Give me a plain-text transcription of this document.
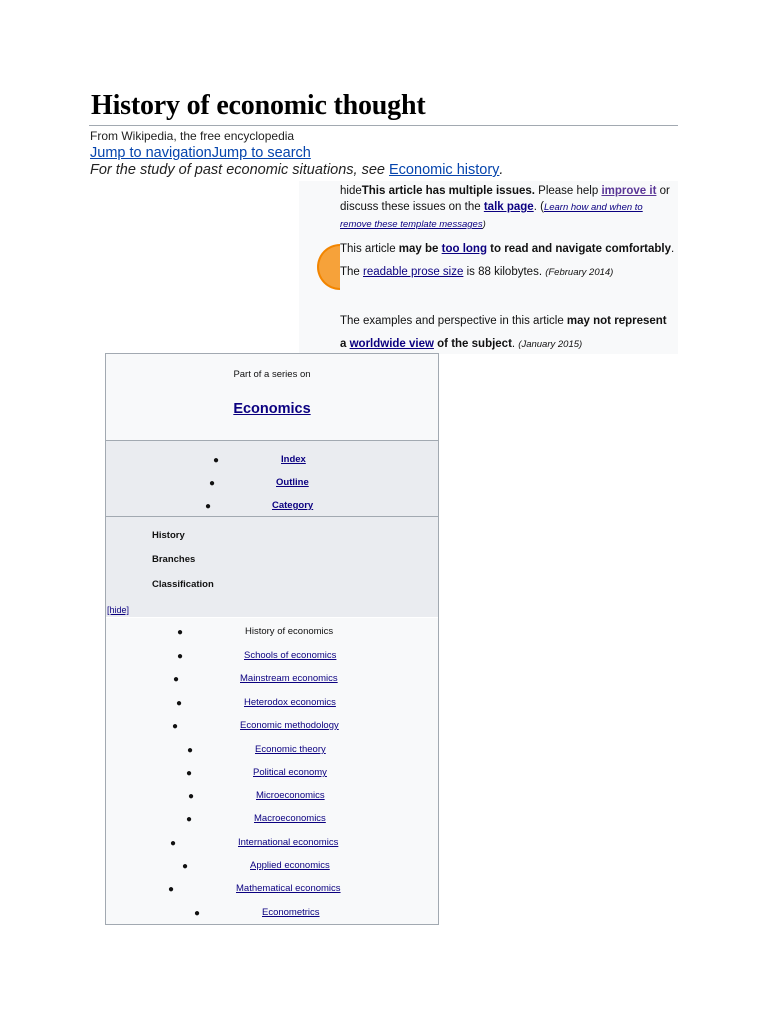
History of economic thought
From Wikipedia, the free encyclopedia
Jump to navigationJump to search
For the study of past economic situations, see Economic history.

hideThis article has multiple issues. Please help improve it or discuss these issues on the talk page. (Learn how and when to remove these template messages)

This article may be too long to read and navigate comfortably. The readable prose size is 88 kilobytes. (February 2014)
The examples and perspective in this article may not represent a worldwide view of the subject. (January 2015)
Part of a series on
Economics
●	Index
●	Outline
●	Category
History
Branches
Classification
[hide]
●	History of economics
●	Schools of economics
●	Mainstream economics
●	Heterodox economics
●	Economic methodology
●	Economic theory
●	Political economy
●	Microeconomics
●	Macroeconomics
●	International economics
●	Applied economics
●	Mathematical economics
●	Econometrics
